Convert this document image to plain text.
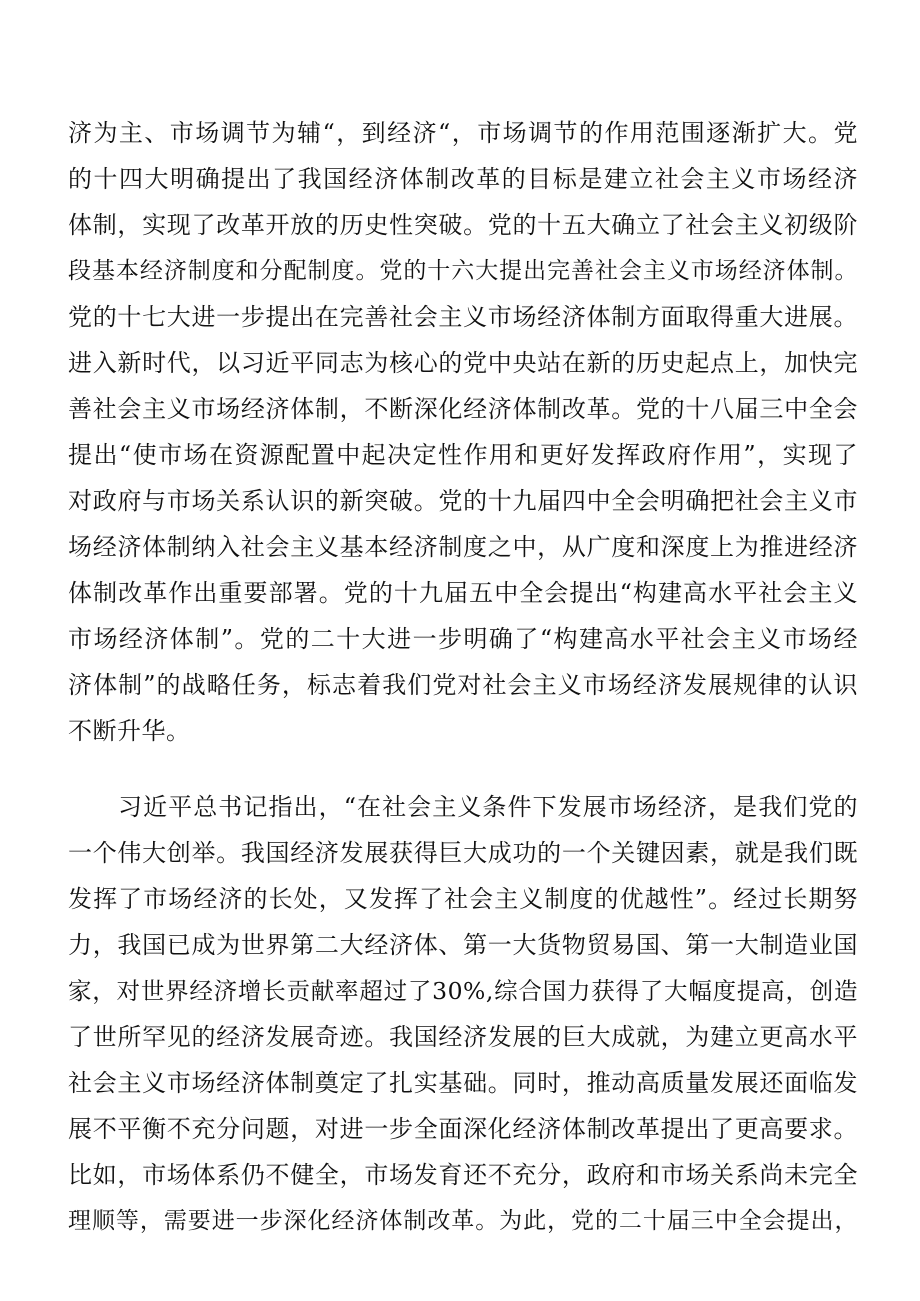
济为主、市场调节为辅“，到经济“，市场调节的作用范围逐渐扩大。党
的十四大明确提出了我国经济体制改革的目标是建立社会主义市场经济
体制，实现了改革开放的历史性突破。党的十五大确立了社会主义初级阶
段基本经济制度和分配制度。党的十六大提出完善社会主义市场经济体制。
党的十七大进一步提出在完善社会主义市场经济体制方面取得重大进展。
进入新时代，以习近平同志为核心的党中央站在新的历史起点上，加快完
善社会主义市场经济体制，不断深化经济体制改革。党的十八届三中全会
提出“使市场在资源配置中起决定性作用和更好发挥政府作用”，实现了
对政府与市场关系认识的新突破。党的十九届四中全会明确把社会主义市
场经济体制纳入社会主义基本经济制度之中，从广度和深度上为推进经济
体制改革作出重要部署。党的十九届五中全会提出“构建高水平社会主义
市场经济体制”。党的二十大进一步明确了“构建高水平社会主义市场经
济体制”的战略任务，标志着我们党对社会主义市场经济发展规律的认识
不断升华。
习近平总书记指出，“在社会主义条件下发展市场经济，是我们党的
一个伟大创举。我国经济发展获得巨大成功的一个关键因素，就是我们既
发挥了市场经济的长处，又发挥了社会主义制度的优越性”。经过长期努
力，我国已成为世界第二大经济体、第一大货物贸易国、第一大制造业国
家，对世界经济增长贡献率超过了30%,综合国力获得了大幅度提高，创造
了世所罕见的经济发展奇迹。我国经济发展的巨大成就，为建立更高水平
社会主义市场经济体制奠定了扎实基础。同时，推动高质量发展还面临发
展不平衡不充分问题，对进一步全面深化经济体制改革提出了更高要求。
比如，市场体系仍不健全，市场发育还不充分，政府和市场关系尚未完全
理顺等，需要进一步深化经济体制改革。为此，党的二十届三中全会提出，
